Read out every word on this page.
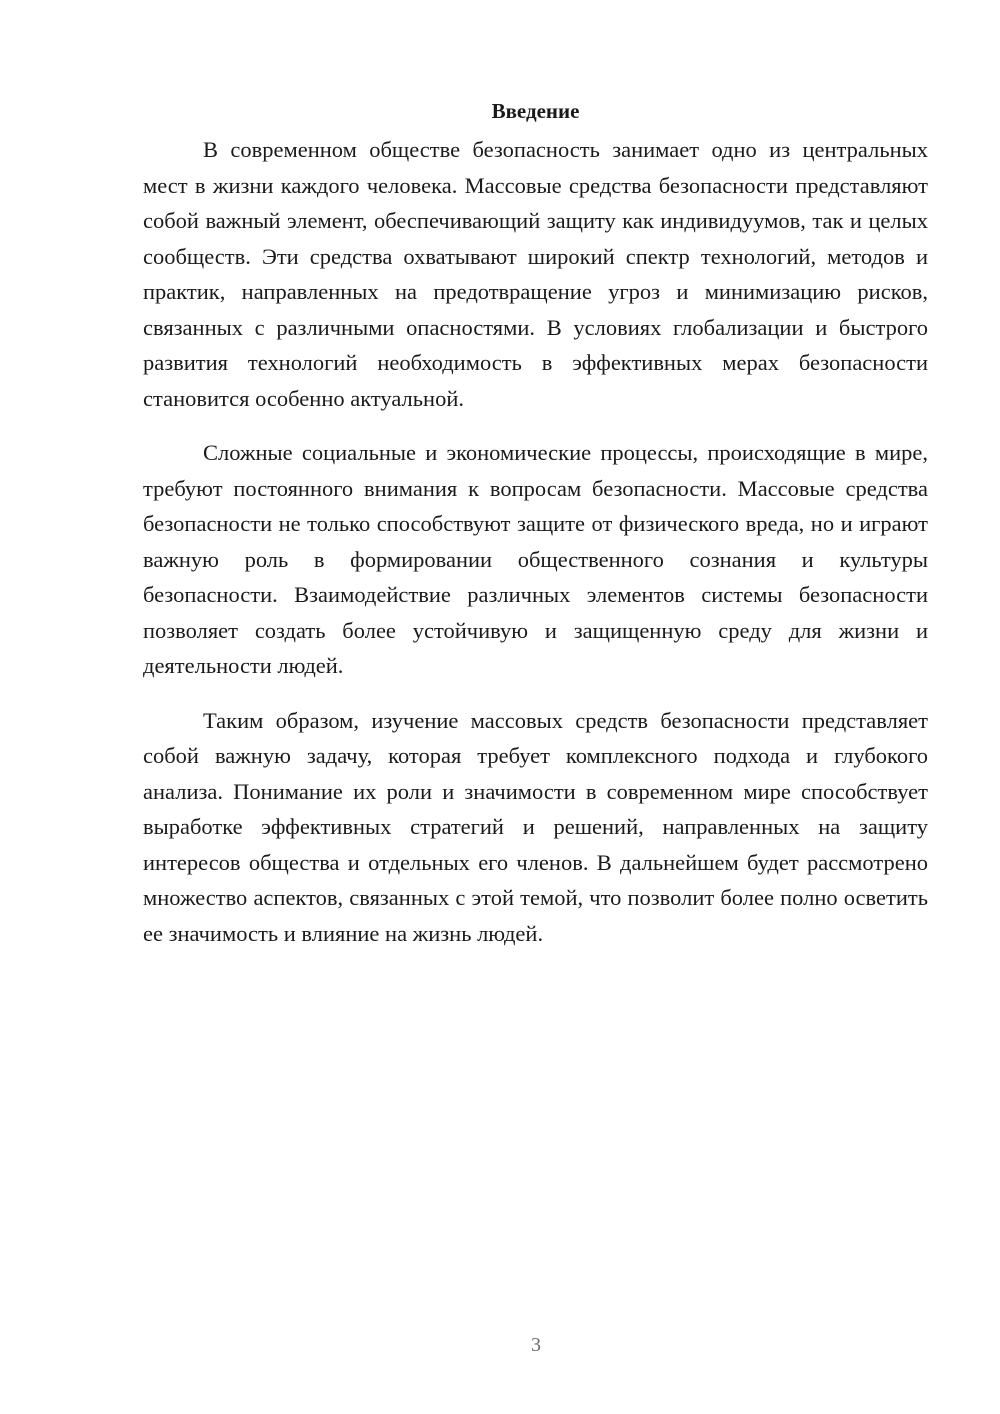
Введение

В современном обществе безопасность занимает одно из центральных мест в жизни каждого человека. Массовые средства безопасности представляют собой важный элемент, обеспечивающий защиту как индивидуумов, так и целых сообществ. Эти средства охватывают широкий спектр технологий, методов и практик, направленных на предотвращение угроз и минимизацию рисков, связанных с различными опасностями. В условиях глобализации и быстрого развития технологий необходимость в эффективных мерах безопасности становится особенно актуальной.

Сложные социальные и экономические процессы, происходящие в мире, требуют постоянного внимания к вопросам безопасности. Массовые средства безопасности не только способствуют защите от физического вреда, но и играют важную роль в формировании общественного сознания и культуры безопасности. Взаимодействие различных элементов системы безопасности позволяет создать более устойчивую и защищенную среду для жизни и деятельности людей.

Таким образом, изучение массовых средств безопасности представляет собой важную задачу, которая требует комплексного подхода и глубокого анализа. Понимание их роли и значимости в современном мире способствует выработке эффективных стратегий и решений, направленных на защиту интересов общества и отдельных его членов. В дальнейшем будет рассмотрено множество аспектов, связанных с этой темой, что позволит более полно осветить ее значимость и влияние на жизнь людей.

3
